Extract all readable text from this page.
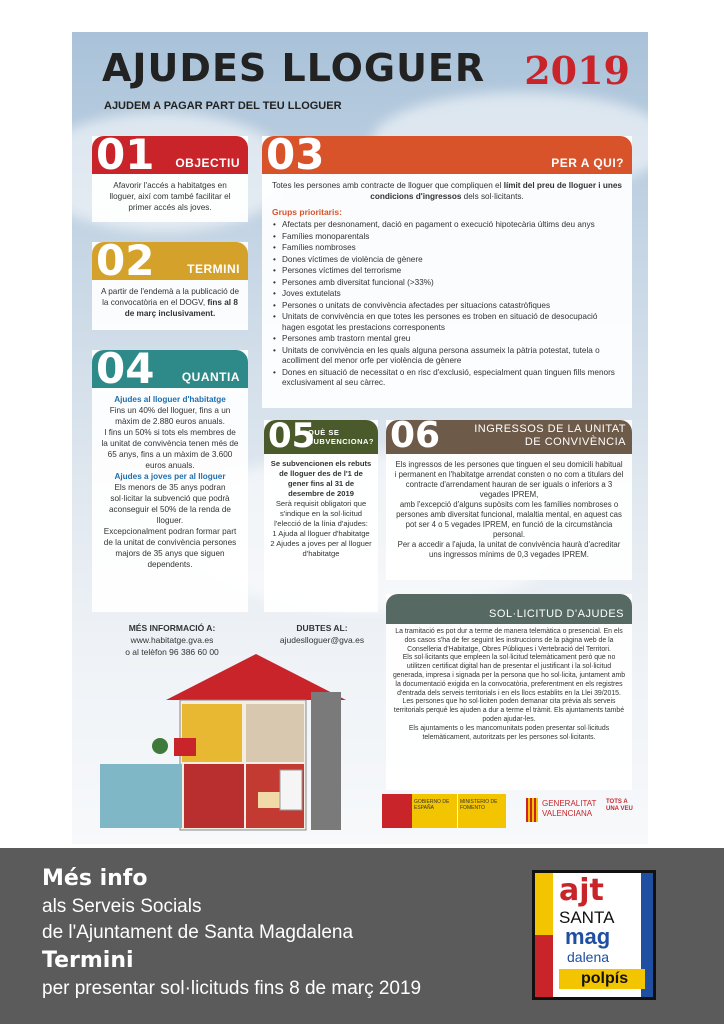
AJUDES LLOGUER 2019
AJUDEM A PAGAR PART DEL TEU LLOGUER
01 OBJECTIU
Afavorir l'accés a habitatges en lloguer, així com també facilitar el primer accés als joves.
02	TERMINI
A partir de l'endemà a la publicació de la convocatòria en el DOGV, fins al 8 de març inclusivament.
03	PER A QUI?
Totes les persones amb contracte de lloguer que compliquen el límit del preu de lloguer i unes condicions d'ingressos dels sol·licitants.
Grups prioritaris:
• Afectats per desnonament, dació en pagament o execució hipotecària últims deu anys
• Famílies monoparentals
• Famílies nombroses
• Dones víctimes de violència de gènere
• Persones víctimes del terrorisme
• Persones amb diversitat funcional (>33%)
• Joves extutelats
• Persones o unitats de convivència afectades per situacions catastròfiques
• Unitats de convivència en que totes les persones es troben en situació de desocupació hagen esgotat les prestacions corresponents
• Persones amb trastorn mental greu
• Unitats de convivència en les quals alguna persona assumeix la pàtria potestat, tutela o acolliment del menor orfe per violència de gènere
• Dones en situació de necessitat o en risc d'exclusió, especialment quan tinguen fills menors exclusivament al seu càrrec.
04 QUANTIA
Ajudes al lloguer d'habitatge
Fins un 40% del lloguer, fins a un màxim de 2.880 euros anuals.
I fins un 50% si tots els membres de la unitat de convivència tenen més de 65 anys, fins a un màxim de 3.600 euros anuals.
Ajudes a joves per al lloguer
Els menors de 35 anys podran sol·licitar la subvenció que podrà aconseguir el 50% de la renda de lloguer.
Excepcionalment podran formar part de la unitat de convivència persones majors de 35 anys que siguen dependents.
05
QUÈ SE SUBVENCIONA?
Se subvencionen els rebuts de lloguer des de l'1 de gener fins al 31 de desembre de 2019
Serà requisit obligatori que s'indique en la sol·licitud l'elecció de la línia d'ajudes:
1 Ajuda al lloguer d'habitatge
2 Ajudes a joves per al lloguer d'habitatge
06	INGRESSOS DE LA UNITAT DE CONVIVÈNCIA
Els ingressos de les persones que tinguen el seu domicili habitual i permanent en l'habitatge arrendat consten o no com a titulars del contracte d'arrendament hauran de ser iguals o inferiors a 3 vegades IPREM,
amb l'excepció d'alguns supòsits com les famílies nombroses o persones amb diversitat funcional, malaltia mental, en aquest cas pot ser 4 o 5 vegades IPREM, en funció de la circumstància personal.
Per a accedir a l'ajuda, la unitat de convivència haurà d'acreditar uns ingressos mínims de 0,3 vegades IPREM.
SOL·LICITUD D'AJUDES
La tramitació es pot dur a terme de manera telemàtica o presencial. En els dos casos s'ha de fer seguint les instruccions de la pàgina web de la Conselleria d'Habitatge, Obres Públiques i Vertebració del Territori.
Els sol·licitants que empleen la sol·licitud telemàticament però que no utilitzen certificat digital han de presentar el justificant i la sol·licitud generada, impresa i signada per la persona que ho sol·licita, juntament amb la documentació exigida en la convocatòria, preferentment en els registres d'entrada dels serveis territorials i en els llocs establits en la Llei 39/2015.
Les persones que ho sol·liciten poden demanar cita prèvia als serveis territorials perquè les ajuden a dur a terme el tràmit. Els ajuntaments també poden ajudar-les.
Els ajuntaments o les mancomunitats poden presentar sol·licituds telemàticament, autoritzats per les persones sol·licitants.
MÉS INFORMACIÓ A:
www.habitatge.gva.es
o al telèfon 96 386 60 00
DUBTES AL:
ajudeslloguer@gva.es
GOBIERNO DE ESPAÑA
MINISTERIO DE FOMENTO	GENERALITAT VALENCIANA
TOTS A UNA VEU
Més info
als Serveis Socials
de l'Ajuntament de Santa Magdalena
Termini
per presentar sol·licituds fins 8 de març 2019
ajt
SANTA
mag
dalena
polpís
